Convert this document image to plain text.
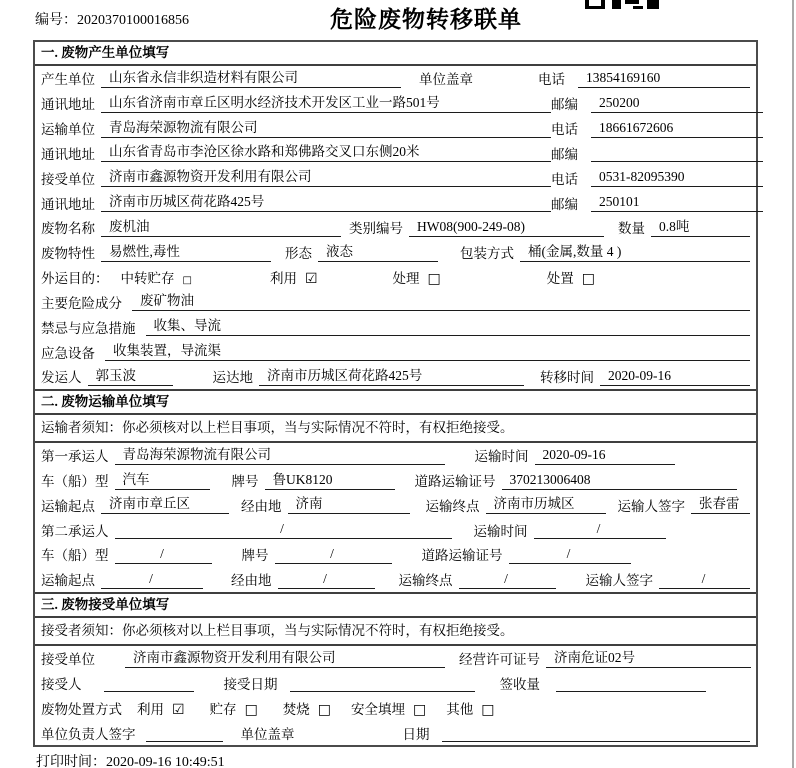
编号：2020370100016856	危险废物转移联单
一. 废物产生单位填写
产生单位	山东省永信非织造材料有限公司	单位盖章	电话	13854169160
通讯地址	山东省济南市章丘区明水经济技术开发区工业一路501号	邮编	250200
运输单位	青岛海荣源物流有限公司	电话	18661672606
通讯地址	山东省青岛市李沧区徐水路和郑佛路交叉口东侧20米	邮编
接受单位	济南市鑫源物资开发利用有限公司	电话	0531-82095390
通讯地址	济南市历城区荷花路425号	邮编	250101
废物名称	废机油	类别编号	HW08(900-249-08)	数量	0.8吨
废物特性	易燃性,毒性	形态	液态	包装方式	桶(金属,数量 4 )
外运目的： 中转贮存 □	利用 ☑	处理 □	处置 □
主要危险成分	废矿物油
禁忌与应急措施	收集、导流
应急设备	收集装置，导流渠
发运人	郭玉波	运达地	济南市历城区荷花路425号	转移时间	2020-09-16
二. 废物运输单位填写
运输者须知：你必须核对以上栏目事项，当与实际情况不符时，有权拒绝接受。
第一承运人	青岛海荣源物流有限公司	运输时间	2020-09-16
车（船）型	汽车	牌号	鲁UK8120	道路运输证号	370213006408
运输起点	济南市章丘区	经由地	济南	运输终点	济南市历城区	运输人签字	张春雷
第二承运人	/	运输时间	/
车（船）型	/	牌号	/	道路运输证号	/
运输起点	/	经由地	/	运输终点	/	运输人签字	/
三. 废物接受单位填写
接受者须知：你必须核对以上栏目事项，当与实际情况不符时，有权拒绝接受。
接受单位	济南市鑫源物资开发利用有限公司	经营许可证号	济南危证02号
接受人	接受日期	签收量
废物处置方式 利用 ☑ 贮存 □ 焚烧 □ 安全填埋 □ 其他 □
单位负责人签字	单位盖章	日期
打印时间：2020-09-16 10:49:51
